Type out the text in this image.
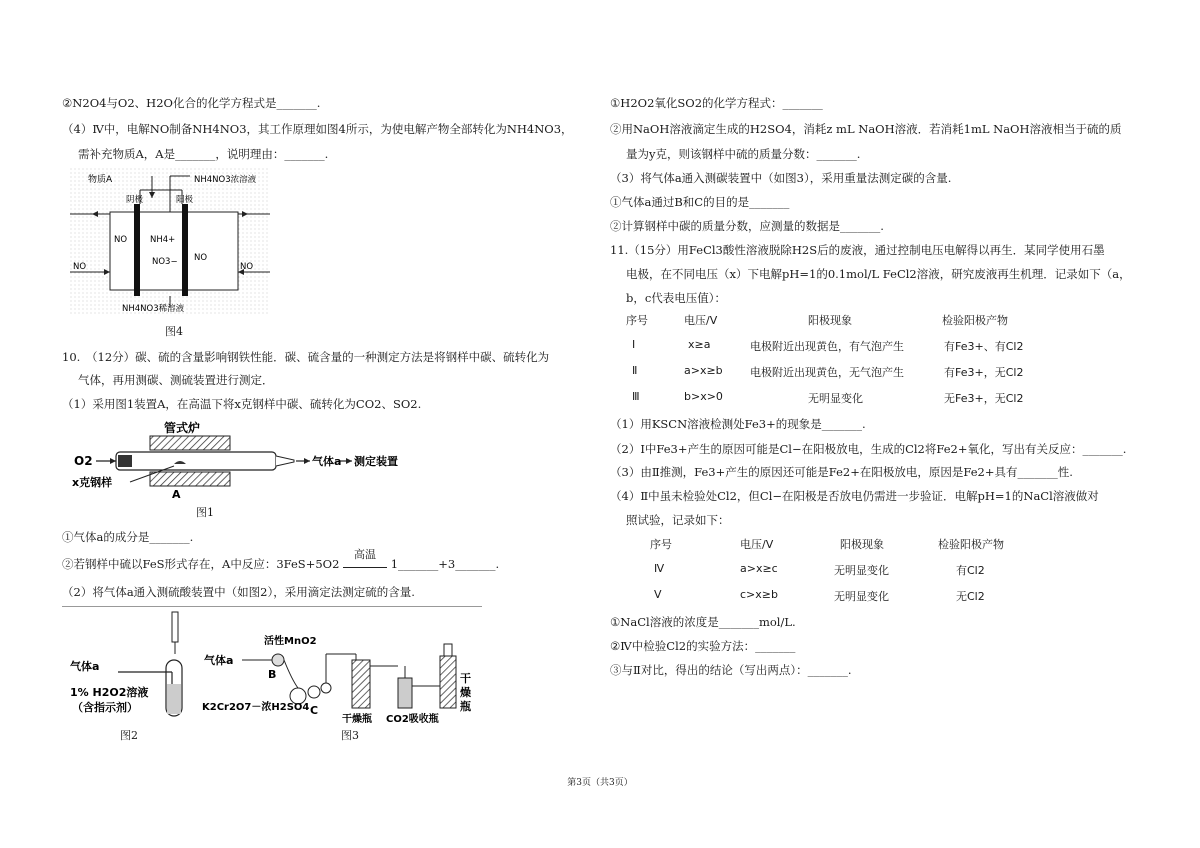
②N2O4与O2、H2O化合的化学方程式是_______.
（4）Ⅳ中，电解NO制备NH4NO3，其工作原理如图4所示，为使电解产物全部转化为NH4NO3，
需补充物质A，A是_______，说明理由：_______.
物质A	NH4NO3浓溶液
阴极	阳极
NO
NO
NO	NO
NH4+
NO3−
NH4NO3稀溶液
图4
10.　（12分）碳、硫的含量影响钢铁性能．碳、硫含量的一种测定方法是将钢样中碳、硫转化为
气体，再用测碳、测硫装置进行测定．
（1）采用图1装置A，在高温下将x克钢样中碳、硫转化为CO2、SO2.
管式炉
O2	气体a 测定装置
x克钢样
A
图1
①气体a的成分是_______.
②若钢样中硫以FeS形式存在，A中反应：3FeS+5O2
高温
1_______+3_______.
（2）将气体a通入测硫酸装置中（如图2），采用滴定法测定硫的含量.
气体a
1% H2O2溶液
（含指示剂）
图2
气体a
活性MnO2
B
C
K2Cr2O7－浓H2SO4
干燥瓶 CO2吸收瓶
干
燥
瓶
图3
①H2O2氧化SO2的化学方程式：_______
②用NaOH溶液滴定生成的H2SO4，消耗z mL NaOH溶液．若消耗1mL NaOH溶液相当于硫的质
量为y克，则该钢样中硫的质量分数：_______.
（3）将气体a通入测碳装置中（如图3），采用重量法测定碳的含量.
①气体a通过B和C的目的是_______
②计算钢样中碳的质量分数，应测量的数据是_______.
11.（15分）用FeCl3酸性溶液脱除H2S后的废液，通过控制电压电解得以再生．某同学使用石墨
电极，在不同电压（x）下电解pH=1的0.1mol/L FeCl2溶液，研究废液再生机理．记录如下（a，
b，c代表电压值）：
序号	电压/V	阳极现象	检验阳极产物
Ⅰ	x≥a	电极附近出现黄色，有气泡产生	有Fe3+、有Cl2
Ⅱ	a>x≥b 电极附近出现黄色，无气泡产生	有Fe3+，无Cl2
Ⅲ	b>x>0	无明显变化	无Fe3+，无Cl2
（1）用KSCN溶液检测处Fe3+的现象是_______.
（2）Ⅰ中Fe3+产生的原因可能是Cl−在阳极放电，生成的Cl2将Fe2+氧化，写出有关反应：_______.
（3）由Ⅱ推测，Fe3+产生的原因还可能是Fe2+在阳极放电，原因是Fe2+具有_______性.
（4）Ⅱ中虽未检验处Cl2，但Cl−在阳极是否放电仍需进一步验证．电解pH=1的NaCl溶液做对
照试验，记录如下：
序号	电压/V	阳极现象	检验阳极产物
Ⅳ	a>x≥c	无明显变化	有Cl2
Ⅴ	c>x≥b	无明显变化	无Cl2
①NaCl溶液的浓度是_______mol/L.
②Ⅳ中检验Cl2的实验方法：_______
③与Ⅱ对比，得出的结论（写出两点）：_______.
第3页（共3页）
